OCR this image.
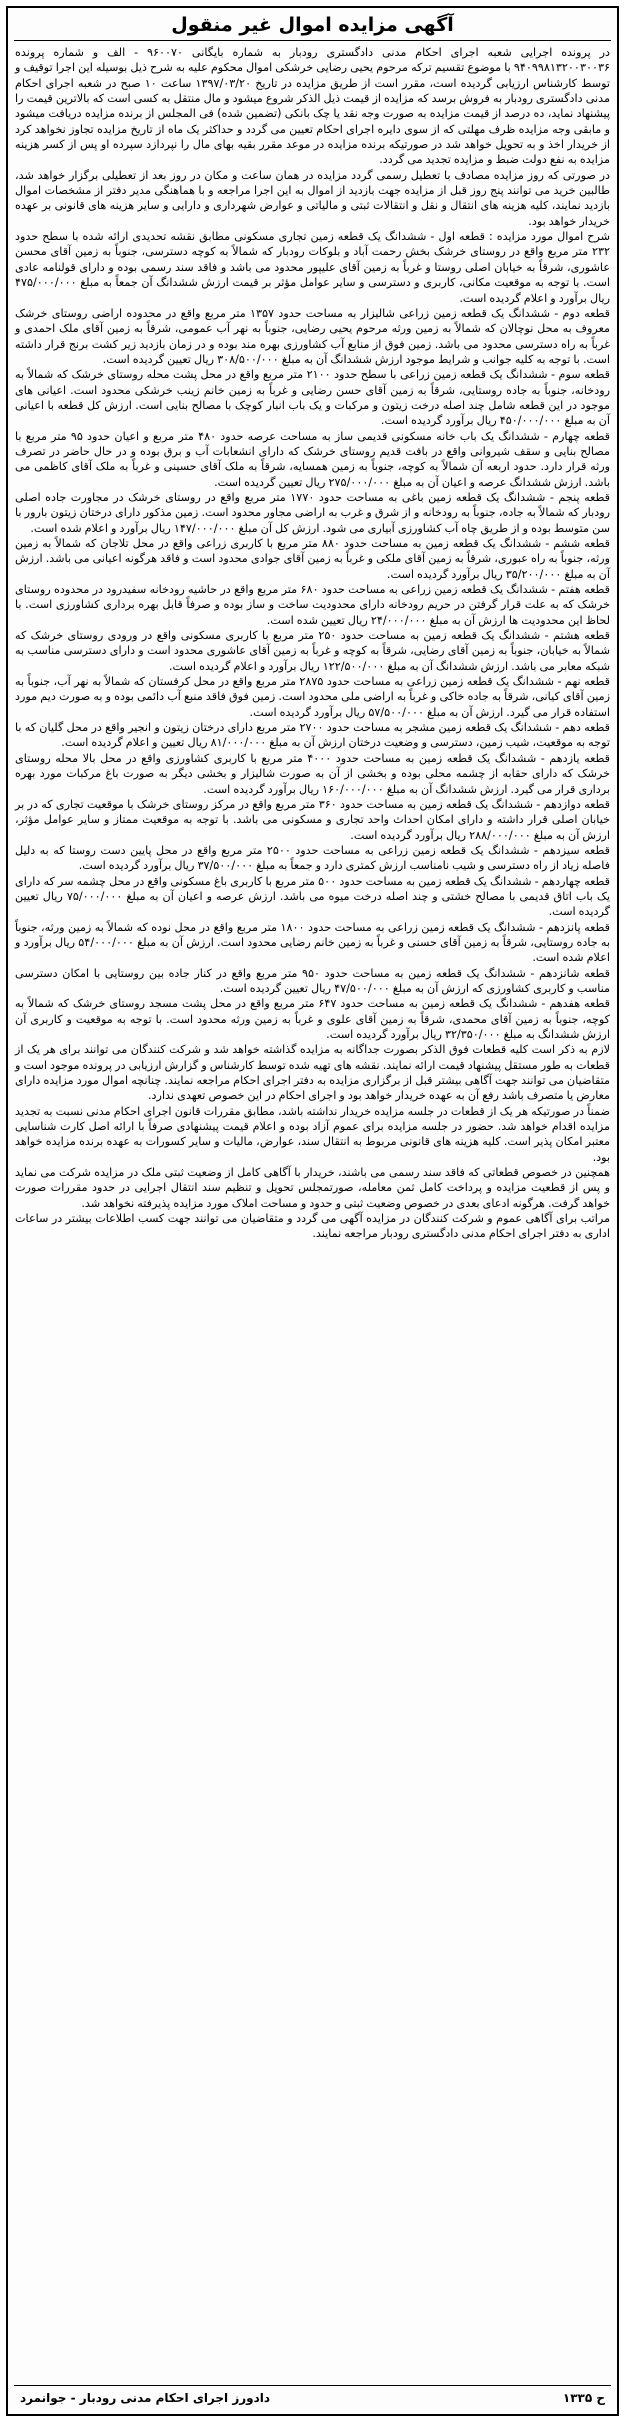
آگهی مزایده اموال غیر منقول

در پرونده اجرایی شعبه اجرای احکام مدنی دادگستری رودبار به شماره بایگانی ۹۶۰۰۷۰ - الف و شماره پرونده ۹۴۰۹۹۸۱۳۲۰۰۳۰۰۳۶ با موضوع تقسیم ترکه مرحوم یحیی رضایی خرشکی اموال محکوم علیه به شرح ذیل بوسیله این اجرا توقیف و توسط کارشناس ارزیابی گردیده است، مقرر است از طریق مزایده در تاریخ ۱۳۹۷/۰۳/۲۰ ساعت ۱۰ صبح در شعبه اجرای احکام مدنی دادگستری رودبار به فروش برسد که مزایده از قیمت ذیل الذکر شروع میشود و مال منتقل به کسی است که بالاترین قیمت را پیشنهاد نماید، ده درصد از قیمت مزایده به صورت وجه نقد یا چک بانکی (تضمین شده) فی المجلس از برنده مزایده دریافت میشود و مابقی وجه مزایده ظرف مهلتی که از سوی دایره اجرای احکام تعیین می گردد و حداکثر یک ماه از تاریخ مزایده تجاوز نخواهد کرد از خریدار اخذ و به تحویل خواهد شد در صورتیکه برنده مزایده در موعد مقرر بقیه بهای مال را نپردازد سپرده او پس از کسر هزینه مزایده به نفع دولت ضبط و مزایده تجدید می گردد.

در صورتی که روز مزایده مصادف با تعطیل رسمی گردد مزایده در همان ساعت و مکان در روز بعد از تعطیلی برگزار خواهد شد، طالبین خرید می توانند پنج روز قبل از مزایده جهت بازدید از اموال به این اجرا مراجعه و با هماهنگی مدیر دفتر از مشخصات اموال بازدید نمایند، کلیه هزینه های انتقال و نقل و انتقالات ثبتی و مالیاتی و عوارض شهرداری و دارایی و سایر هزینه های قانونی بر عهده خریدار خواهد بود.

شرح اموال مورد مزایده : قطعه اول - ششدانگ یک قطعه زمین تجاری مسکونی مطابق نقشه تحدیدی ارائه شده با سطح حدود ۲۳۲ متر مربع واقع در روستای خرشک بخش رحمت آباد و بلوکات رودبار که شمالاً به کوچه دسترسی، جنوباً به زمین آقای محسن عاشوری، شرقاً به خیابان اصلی روستا و غرباً به زمین آقای علیپور محدود می باشد و فاقد سند رسمی بوده و دارای قولنامه عادی است. با توجه به موقعیت مکانی، کاربری و دسترسی و سایر عوامل مؤثر بر قیمت ارزش ششدانگ آن جمعاً به مبلغ ۴۷۵/۰۰۰/۰۰۰ ریال برآورد و اعلام گردیده است.

قطعه دوم - ششدانگ یک قطعه زمین زراعی شالیزار به مساحت حدود ۱۳۵۷ متر مربع واقع در محدوده اراضی روستای خرشک معروف به محل نوچالان که شمالاً به زمین ورثه مرحوم یحیی رضایی، جنوباً به نهر آب عمومی، شرقاً به زمین آقای ملک احمدی و غرباً به راه دسترسی محدود می باشد. زمین فوق از منابع آب کشاورزی بهره مند بوده و در زمان بازدید زیر کشت برنج قرار داشته است. با توجه به کلیه جوانب و شرایط موجود ارزش ششدانگ آن به مبلغ ۳۰۸/۵۰۰/۰۰۰ ریال تعیین گردیده است.

قطعه سوم - ششدانگ یک قطعه زمین زراعی با سطح حدود ۲۱۰۰ متر مربع واقع در محل پشت محله روستای خرشک که شمالاً به رودخانه، جنوباً به جاده روستایی، شرقاً به زمین آقای حسن رضایی و غرباً به زمین خانم زینب خرشکی محدود است. اعیانی های موجود در این قطعه شامل چند اصله درخت زیتون و مرکبات و یک باب انبار کوچک با مصالح بنایی است. ارزش کل قطعه با اعیانی آن به مبلغ ۴۵۰/۰۰۰/۰۰۰ ریال برآورد گردیده است.

قطعه چهارم - ششدانگ یک باب خانه مسکونی قدیمی ساز به مساحت عرصه حدود ۴۸۰ متر مربع و اعیان حدود ۹۵ متر مربع با مصالح بنایی و سقف شیروانی واقع در بافت قدیم روستای خرشک که دارای انشعابات آب و برق بوده و در حال حاضر در تصرف ورثه قرار دارد. حدود اربعه آن شمالاً به کوچه، جنوباً به زمین همسایه، شرقاً به ملک آقای حسینی و غرباً به ملک آقای کاظمی می باشد. ارزش ششدانگ عرصه و اعیان آن به مبلغ ۲۷۵/۰۰۰/۰۰۰ ریال تعیین گردیده است.

قطعه پنجم - ششدانگ یک قطعه زمین باغی به مساحت حدود ۱۷۷۰ متر مربع واقع در روستای خرشک در مجاورت جاده اصلی رودبار که شمالاً به جاده، جنوباً به رودخانه و از شرق و غرب به اراضی مجاور محدود است. زمین مذکور دارای درختان زیتون بارور با سن متوسط بوده و از طریق چاه آب کشاورزی آبیاری می شود. ارزش کل آن مبلغ ۱۴۷/۰۰۰/۰۰۰ ریال برآورد و اعلام شده است.

قطعه ششم - ششدانگ یک قطعه زمین به مساحت حدود ۸۸۰ متر مربع با کاربری زراعی واقع در محل تلاجان که شمالاً به زمین ورثه، جنوباً به راه عبوری، شرقاً به زمین آقای ملکی و غرباً به زمین آقای جوادی محدود است و فاقد هرگونه اعیانی می باشد. ارزش آن به مبلغ ۳۵/۲۰۰/۰۰۰ ریال برآورد گردیده است.

قطعه هفتم - ششدانگ یک قطعه زمین زراعی به مساحت حدود ۶۸۰ متر مربع واقع در حاشیه رودخانه سفیدرود در محدوده روستای خرشک که به علت قرار گرفتن در حریم رودخانه دارای محدودیت ساخت و ساز بوده و صرفاً قابل بهره برداری کشاورزی است. با لحاظ این محدودیت ها ارزش آن به مبلغ ۲۴/۰۰۰/۰۰۰ ریال تعیین شده است.

قطعه هشتم - ششدانگ یک قطعه زمین به مساحت حدود ۲۵۰ متر مربع با کاربری مسکونی واقع در ورودی روستای خرشک که شمالاً به خیابان، جنوباً به زمین آقای رضایی، شرقاً به کوچه و غرباً به زمین آقای عاشوری محدود است و دارای دسترسی مناسب به شبکه معابر می باشد. ارزش ششدانگ آن به مبلغ ۱۲۲/۵۰۰/۰۰۰ ریال برآورد و اعلام گردیده است.

قطعه نهم - ششدانگ یک قطعه زمین زراعی به مساحت حدود ۲۸۷۵ متر مربع واقع در محل کرفستان که شمالاً به نهر آب، جنوباً به زمین آقای کیانی، شرقاً به جاده خاکی و غرباً به اراضی ملی محدود است. زمین فوق فاقد منبع آب دائمی بوده و به صورت دیم مورد استفاده قرار می گیرد. ارزش آن به مبلغ ۵۷/۵۰۰/۰۰۰ ریال برآورد گردیده است.

قطعه دهم - ششدانگ یک قطعه زمین مشجر به مساحت حدود ۲۷۰۰ متر مربع دارای درختان زیتون و انجیر واقع در محل گلیان که با توجه به موقعیت، شیب زمین، دسترسی و وضعیت درختان ارزش آن به مبلغ ۸۱/۰۰۰/۰۰۰ ریال تعیین و اعلام گردیده است.

قطعه یازدهم - ششدانگ یک قطعه زمین به مساحت حدود ۴۰۰۰ متر مربع با کاربری کشاورزی واقع در محل بالا محله روستای خرشک که دارای حقابه از چشمه محلی بوده و بخشی از آن به صورت شالیزار و بخشی دیگر به صورت باغ مرکبات مورد بهره برداری قرار می گیرد. ارزش ششدانگ آن به مبلغ ۱۶۰/۰۰۰/۰۰۰ ریال برآورد گردیده است.

قطعه دوازدهم - ششدانگ یک قطعه زمین به مساحت حدود ۳۶۰ متر مربع واقع در مرکز روستای خرشک با موقعیت تجاری که در بر خیابان اصلی قرار داشته و دارای امکان احداث واحد تجاری و مسکونی می باشد. با توجه به موقعیت ممتاز و سایر عوامل مؤثر، ارزش آن به مبلغ ۲۸۸/۰۰۰/۰۰۰ ریال برآورد گردیده است.

قطعه سیزدهم - ششدانگ یک قطعه زمین زراعی به مساحت حدود ۲۵۰۰ متر مربع واقع در محل پایین دست روستا که به دلیل فاصله زیاد از راه دسترسی و شیب نامناسب ارزش کمتری دارد و جمعاً به مبلغ ۳۷/۵۰۰/۰۰۰ ریال برآورد گردیده است.

قطعه چهاردهم - ششدانگ یک قطعه زمین به مساحت حدود ۵۰۰ متر مربع با کاربری باغ مسکونی واقع در محل چشمه سر که دارای یک باب اتاق قدیمی با مصالح خشتی و چند اصله درخت میوه می باشد. ارزش عرصه و اعیان آن به مبلغ ۷۵/۰۰۰/۰۰۰ ریال تعیین گردیده است.

قطعه پانزدهم - ششدانگ یک قطعه زمین زراعی به مساحت حدود ۱۸۰۰ متر مربع واقع در محل نوده که شمالاً به زمین ورثه، جنوباً به جاده روستایی، شرقاً به زمین آقای حسنی و غرباً به زمین خانم رضایی محدود است. ارزش آن به مبلغ ۵۴/۰۰۰/۰۰۰ ریال برآورد و اعلام شده است.

قطعه شانزدهم - ششدانگ یک قطعه زمین به مساحت حدود ۹۵۰ متر مربع واقع در کنار جاده بین روستایی با امکان دسترسی مناسب و کاربری کشاورزی که ارزش آن به مبلغ ۴۷/۵۰۰/۰۰۰ ریال تعیین گردیده است.

قطعه هفدهم - ششدانگ یک قطعه زمین به مساحت حدود ۶۴۷ متر مربع واقع در محل پشت مسجد روستای خرشک که شمالاً به کوچه، جنوباً به زمین آقای محمدی، شرقاً به زمین آقای علوی و غرباً به زمین ورثه محدود است. با توجه به موقعیت و کاربری آن ارزش ششدانگ به مبلغ ۳۲/۳۵۰/۰۰۰ ریال برآورد گردیده است.

لازم به ذکر است کلیه قطعات فوق الذکر بصورت جداگانه به مزایده گذاشته خواهد شد و شرکت کنندگان می توانند برای هر یک از قطعات به طور مستقل پیشنهاد قیمت ارائه نمایند. نقشه های تهیه شده توسط کارشناس و گزارش ارزیابی در پرونده موجود است و متقاضیان می توانند جهت آگاهی بیشتر قبل از برگزاری مزایده به دفتر اجرای احکام مراجعه نمایند. چنانچه اموال مورد مزایده دارای معارض یا متصرف باشد رفع آن به عهده خریدار خواهد بود و اجرای احکام در این خصوص تعهدی ندارد.

ضمناً در صورتیکه هر یک از قطعات در جلسه مزایده خریدار نداشته باشد، مطابق مقررات قانون اجرای احکام مدنی نسبت به تجدید مزایده اقدام خواهد شد. حضور در جلسه مزایده برای عموم آزاد بوده و اعلام قیمت پیشنهادی صرفاً با ارائه اصل کارت شناسایی معتبر امکان پذیر است. کلیه هزینه های قانونی مربوط به انتقال سند، عوارض، مالیات و سایر کسورات به عهده برنده مزایده خواهد بود.

همچنین در خصوص قطعاتی که فاقد سند رسمی می باشند، خریدار با آگاهی کامل از وضعیت ثبتی ملک در مزایده شرکت می نماید و پس از قطعیت مزایده و پرداخت کامل ثمن معامله، صورتمجلس تحویل و تنظیم سند انتقال اجرایی در حدود مقررات صورت خواهد گرفت. هرگونه ادعای بعدی در خصوص وضعیت ثبتی و حدود و مساحت املاک مورد مزایده پذیرفته نخواهد شد.

مراتب برای آگاهی عموم و شرکت کنندگان در مزایده آگهی می گردد و متقاضیان می توانند جهت کسب اطلاعات بیشتر در ساعات اداری به دفتر اجرای احکام مدنی دادگستری رودبار مراجعه نمایند.

دادورز اجرای احکام مدنی رودبار - جوانمرد	ح ۱۳۳۵
